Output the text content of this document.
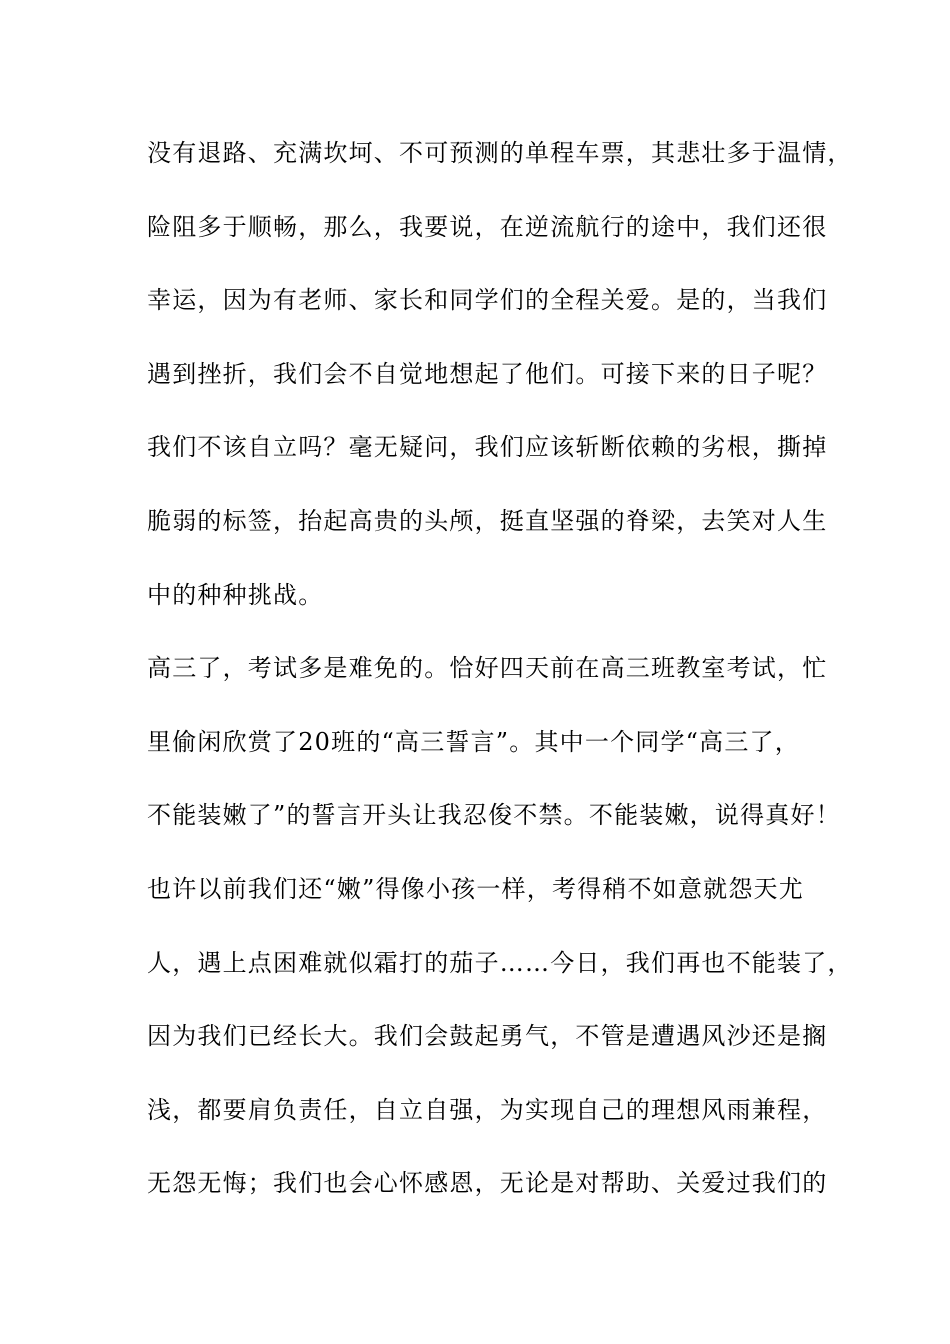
没有退路、充满坎坷、不可预测的单程车票，其悲壮多于温情，
险阻多于顺畅，那么，我要说，在逆流航行的途中，我们还很
幸运，因为有老师、家长和同学们的全程关爱。是的，当我们
遇到挫折，我们会不自觉地想起了他们。可接下来的日子呢？
我们不该自立吗？毫无疑问，我们应该斩断依赖的劣根，撕掉
脆弱的标签，抬起高贵的头颅，挺直坚强的脊梁，去笑对人生
中的种种挑战。
高三了，考试多是难免的。恰好四天前在高三班教室考试，忙
里偷闲欣赏了20班的“高三誓言”。其中一个同学“高三了，
不能装嫩了”的誓言开头让我忍俊不禁。不能装嫩，说得真好！
也许以前我们还“嫩”得像小孩一样，考得稍不如意就怨天尤
人，遇上点困难就似霜打的茄子……今日，我们再也不能装了，
因为我们已经长大。我们会鼓起勇气，不管是遭遇风沙还是搁
浅，都要肩负责任，自立自强，为实现自己的理想风雨兼程，
无怨无悔；我们也会心怀感恩，无论是对帮助、关爱过我们的
